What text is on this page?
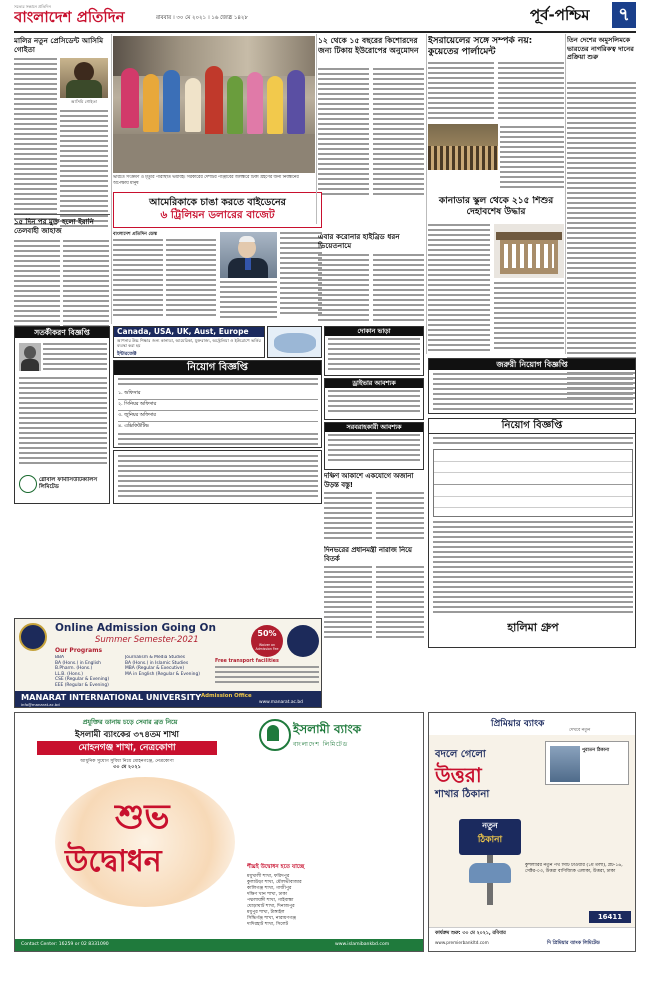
সত্যের সন্ধানে প্রতিদিন
বাংলাদেশ প্রতিদিন	রবিবার । ৩০ মে ২০২১ । ১৬ জ্যৈষ্ঠ ১৪২৮	পূর্ব-পশ্চিম	৭
মালির নতুন প্রেসিডেন্ট আসিমি গোইতা
আসিমি গোইতা
১৫ দিন পর মুক্ত হলো ইরানি তেলবাহী জাহাজ
ভারতে সংক্রমণ ও মৃত্যুর পরিস্থিতি ভয়াবহ। সরকারের দেশটির পাঞ্জাবের জলন্ধরে টিকা গ্রহণের জন্য নিবন্ধনের অপেক্ষায় মানুষ
১২ থেকে ১৫ বছরের কিশোরদের জন্য টিকায় ইউরোপের অনুমোদন
আমেরিকাকে চাঙা করতে বাইডেনের
৬ ট্রিলিয়ন ডলারের বাজেট
বাংলাদেশ প্রতিদিন ডেস্ক
ইসরায়েলের সঙ্গে সম্পর্ক নয়: কুয়েতের পার্লামেন্ট
তিন দেশের অমুসলিমকে ভারতের নাগরিকত্ব দানের প্রক্রিয়া শুরু
কানাডার স্কুল থেকে ২১৫ শিশুর দেহাবশেষ উদ্ধার
এবার করোনার হাইব্রিড ধরন ভিয়েতনামে
সতর্কীকরণ বিজ্ঞপ্তি
গ্লোবাল ফার্মাসিউটিক্যালস লিমিটেড
Canada, USA, UK, Aust, Europe
আপনার উচ্চ শিক্ষার জন্য কানাডা, আমেরিকা, যুক্তরাজ্য, অস্ট্রেলিয়া ও ইউরোপে ভর্তির ব্যবস্থা করা হয়
ইন্টারজেক্ট
নিয়োগ বিজ্ঞপ্তি
১. অফিসার
২. সিনিয়র অফিসার
৩. জুনিয়র অফিসার
৪. এক্সিকিউটিভ
দোকান ভাড়া
ড্রাইভার আবশ্যক
সরবরাহকারী আবশ্যক
দক্ষিণ আকাশে একযোগে অজানা উড়ন্ত বস্তু!
দিনভরের প্রধানমন্ত্রী নারাজ নিয়ে বিতর্ক
জরুরী নিয়োগ বিজ্ঞপ্তি
নিয়োগ বিজ্ঞপ্তি
হালিমা গ্রুপ
Online Admission Going On
Summer Semester-2021
Our Programs
BBA
BA (Hons.) in English
B.Pharm. (Hons.)
LL.B. (Hons.)
CSE (Regular & Evening)
EEE (Regular & Evening)
Journalism & Media Studies
BA (Hons.) in Islamic Studies
MBA (Regular & Executive)
MA in English (Regular & Evening)
50%
Waiver on Admission Fee
Free transport facilities
MANARAT INTERNATIONAL UNIVERSITY Admission Office
www.manarat.ac.bd
info@manarat.ac.bd
প্রযুক্তির ডানায় চড়ে সেবার ব্রত নিয়ে
ইসলামী ব্যাংকের ৩৭৪তম শাখা
মোহনগঞ্জ শাখা, নেত্রকোণা
আধুনিক সুযোগ সুবিধা নিয়ে মোহনগঞ্জে, নেত্রকোণা
৩০ মে ২০২১
ইসলামী ব্যাংক
বাংলাদেশ লিমিটেড
শুভ
উদ্বোধন	শীঘ্রই উদ্বোধন হতে যাচ্ছে
মধুখালী শাখা, ফরিদপুর
কুলাউড়া শাখা, মৌলভীবাজার
কালিগঞ্জ শাখা, গাজীপুর
দক্ষিণ খান শাখা, ঢাকা
পদ্মলায়ঙ্গী শাখা, গাইবান্ধা
ঘোড়াঘাট শাখা, দিনাজপুর
মধুপুর শাখা, টাঙ্গাইল
সিদ্ধির্গঞ্জ শাখা, নারায়ণগঞ্জ
দাদিরহাট শাখা, সিলেট
Contact Center: 16259 or 02 8331090	www.islamibankbd.com
প্রিমিয়ার ব্যাংক
দেখবে নতুন
বদলে গেলো
উত্তরা
শাখার ঠিকানা
পুরাতন ঠিকানা
নতুন
ঠিকানা
কুশলারির নতুন পথ সিটি টাওয়ার (১ম তলা), প্লট-১৬, সেক্টর-০৩, উত্তরা বাণিজ্যিক এলাকা, উত্তরা, ঢাকা
16411
কার্যক্রম শুরু: ৩০ মে ২০২১, রবিবার
www.premierbankltd.com	দি প্রিমিয়ার ব্যাংক লিমিটেড
